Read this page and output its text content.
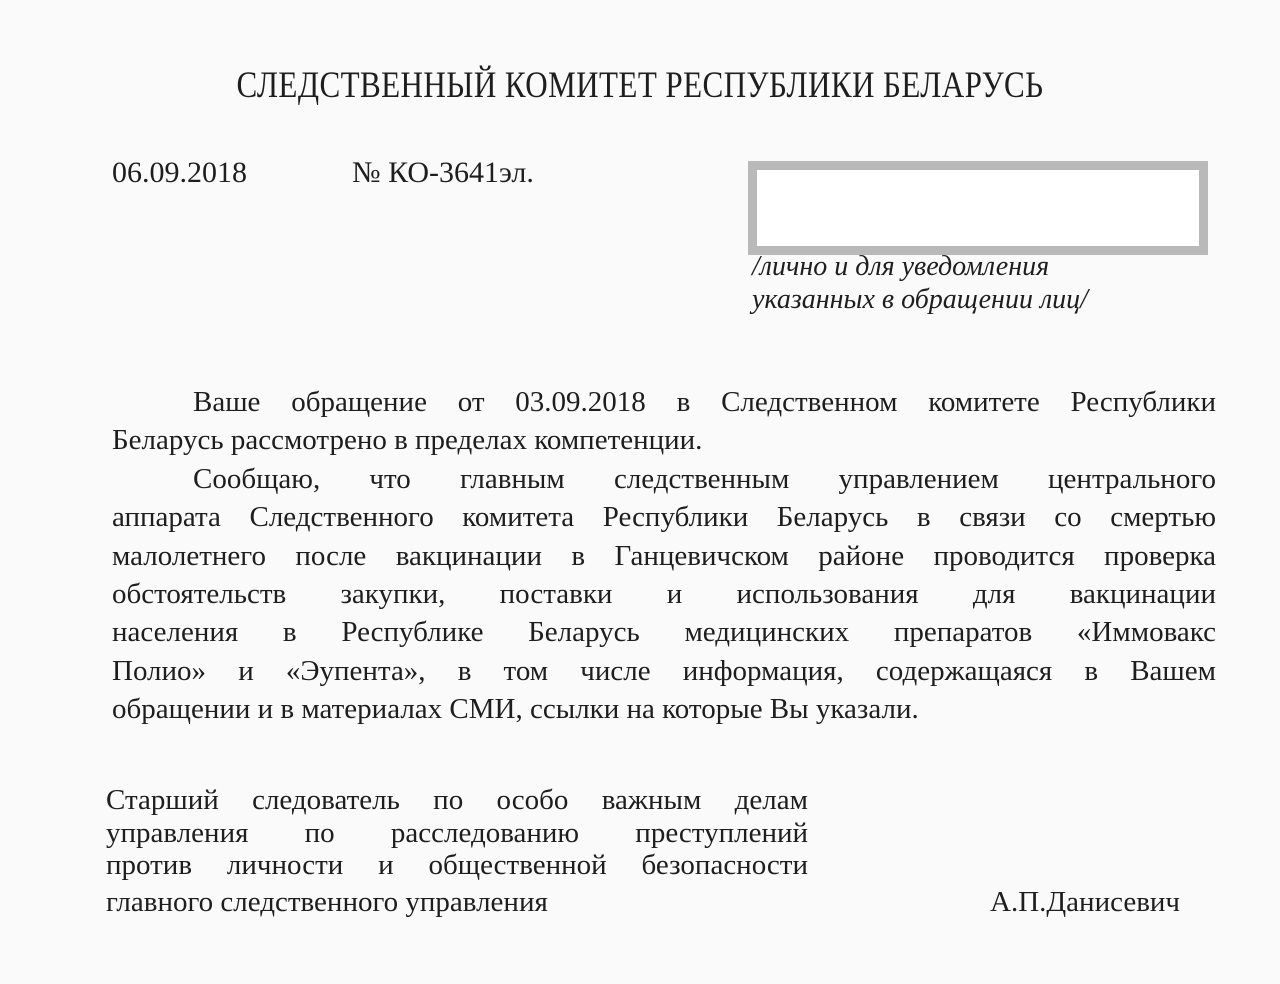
СЛЕДСТВЕННЫЙ КОМИТЕТ РЕСПУБЛИКИ БЕЛАРУСЬ
06.09.2018	№ КО-3641эл.
/лично и для уведомления
указанных в обращении лиц/
Ваше обращение от 03.09.2018 в Следственном комитете Республики
Беларусь рассмотрено в пределах компетенции.
Сообщаю, что главным следственным управлением центрального
аппарата Следственного комитета Республики Беларусь в связи со смертью
малолетнего после вакцинации в Ганцевичском районе проводится проверка
обстоятельств закупки, поставки и использования для вакцинации
населения в Республике Беларусь медицинских препаратов «Иммовакс
Полио» и «Эупента», в том числе информация, содержащаяся в Вашем
обращении и в материалах СМИ, ссылки на которые Вы указали.
Старший следователь по особо важным делам
управления по расследованию преступлений
против личности и общественной безопасности
главного следственного управления	А.П.Данисевич
